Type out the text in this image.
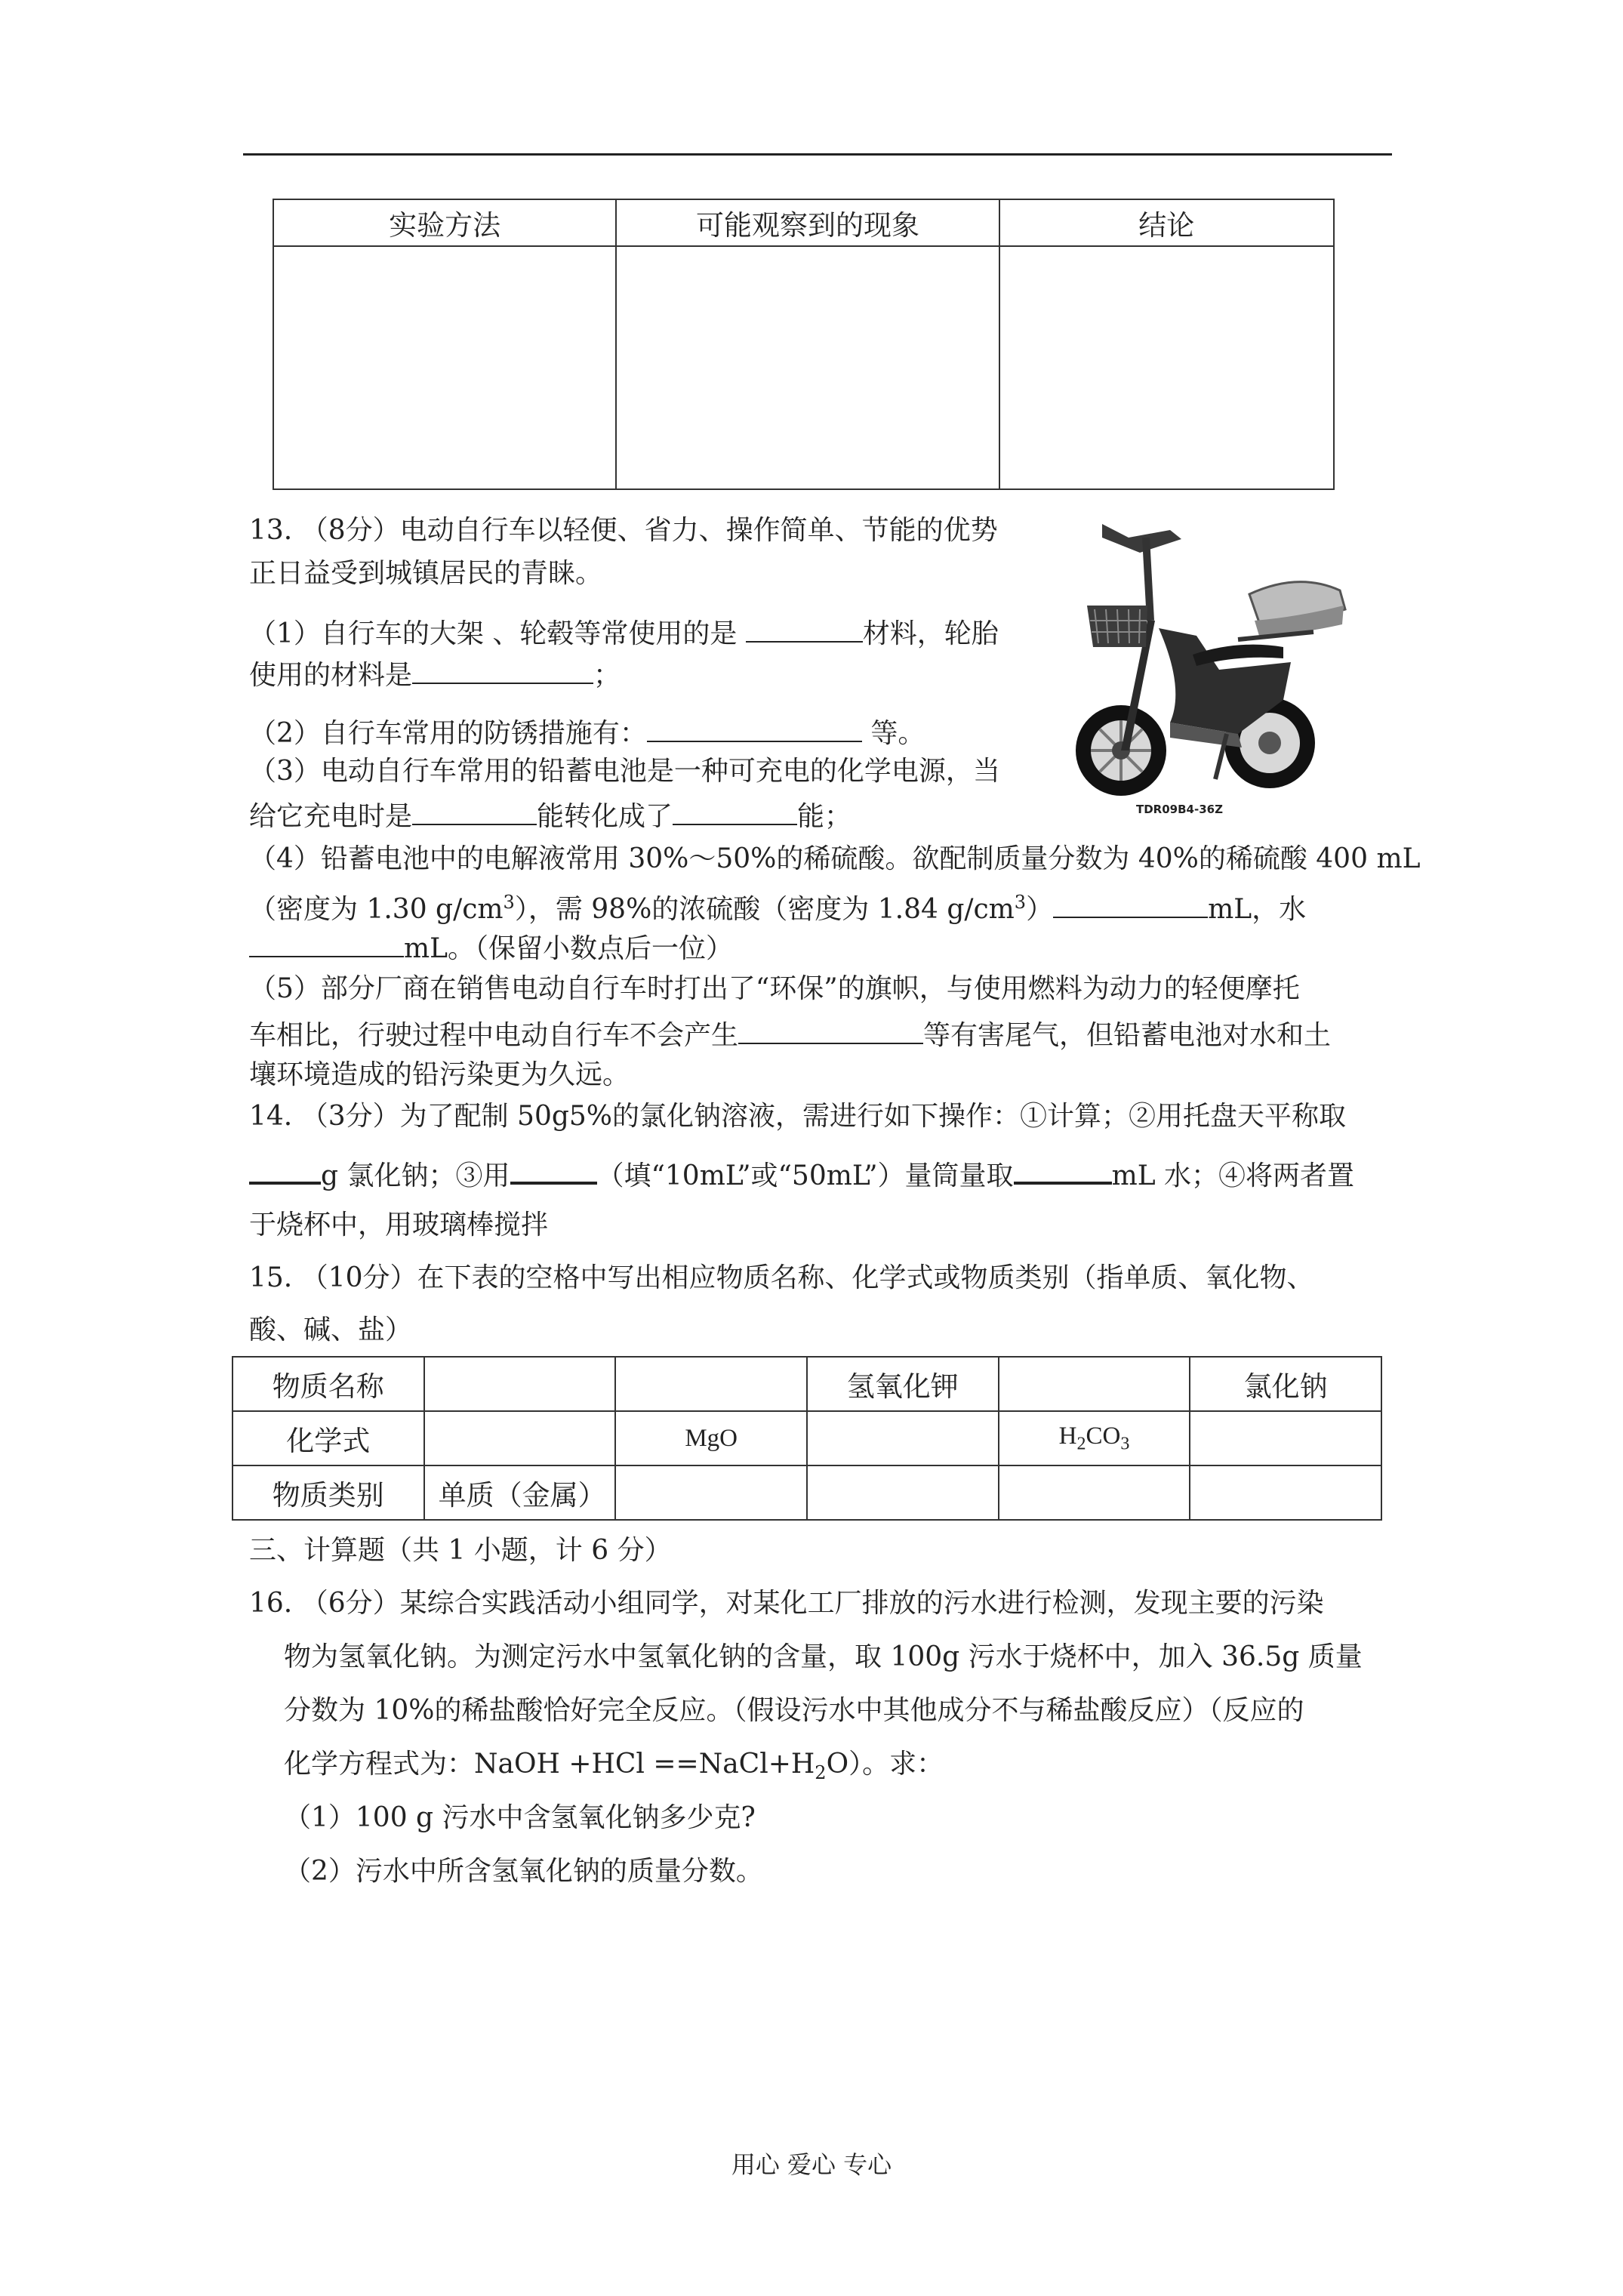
实验方法	可能观察到的现象	结论

13. （8分）电动自行车以轻便、省力、操作简单、节能的优势
正日益受到城镇居民的青睐。
（1）自行车的大架 、轮毂等常使用的是	材料，轮胎
使用的材料是	；
（2）自行车常用的防锈措施有：	等。
（3）电动自行车常用的铅蓄电池是一种可充电的化学电源，当
给它充电时是	能转化成了	能；
（4）铅蓄电池中的电解液常用 30%～50%的稀硫酸。欲配制质量分数为 40%的稀硫酸 400 mL
（密度为 1.30 $g/cm^3$），需 98%的浓硫酸（密度为 1.84 $g/cm^3$）	mL，水
mL。（保留小数点后一位）
（5）部分厂商在销售电动自行车时打出了“环保”的旗帜，与使用燃料为动力的轻便摩托
车相比，行驶过程中电动自行车不会产生	等有害尾气，但铅蓄电池对水和土
壤环境造成的铅污染更为久远。
TDR09B4-36Z
14. （3分）为了配制 50g5%的氯化钠溶液，需进行如下操作：①计算；②用托盘天平称取
g 氯化钠；③用	（填“10mL”或“50mL”）量筒量取	mL 水；④将两者置
于烧杯中，用玻璃棒搅拌
15. （10分）在下表的空格中写出相应物质名称、化学式或物质类别（指单质、氧化物、
酸、碱、盐）
物质名称			氢氧化钾		氯化钠
化学式		MgO		$H_2CO_3$	
物质类别	单质（金属）				
三、计算题（共 1 小题，计 6 分）
16. （6分）某综合实践活动小组同学，对某化工厂排放的污水进行检测，发现主要的污染
物为氢氧化钠。为测定污水中氢氧化钠的含量，取 100g 污水于烧杯中，加入 36.5g 质量
分数为 10%的稀盐酸恰好完全反应。（假设污水中其他成分不与稀盐酸反应）（反应的
化学方程式为：NaOH $+HCl ==NaCl+H_2O$）。求：
（1）100 g 污水中含氢氧化钠多少克?
（2）污水中所含氢氧化钠的质量分数。
用心 爱心 专心
